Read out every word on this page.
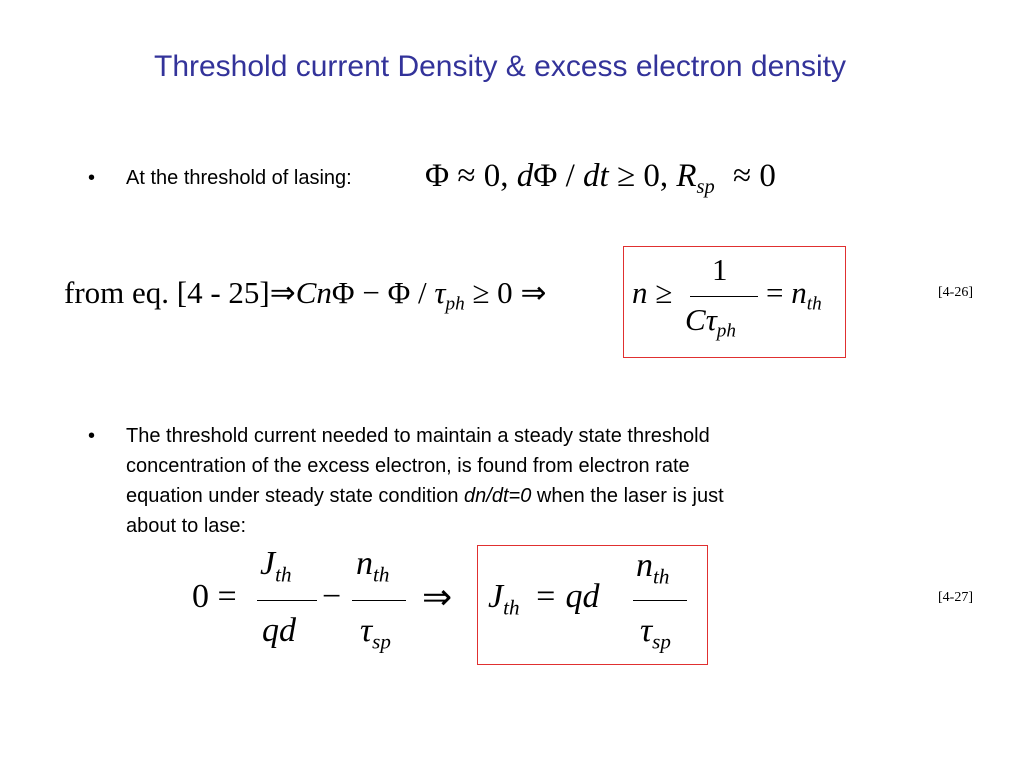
Threshold current Density & excess electron density
• At the threshold of lasing: Φ ≈ 0, dΦ / dt ≥ 0, $R_{sp} \approx 0$
from eq. [4 - 25]⇒CnΦ − $\Phi / \tau_{ph} \ge 0$ ⇒	n ≥
1
$C\tau_{ph}$
= $n_{th}$
[4-26]
• The threshold current needed to maintain a steady state threshold
concentration of the excess electron, is found from electron rate
equation under steady state condition dn/dt=0 when the laser is just
about to lase:
0 =
$J_{th}$
qd
−
$n_{th}$
$\tau_{sp}$
⇒ $J_{th}$ = qd
$n_{th}$
$\tau_{sp}$
[4-27]
